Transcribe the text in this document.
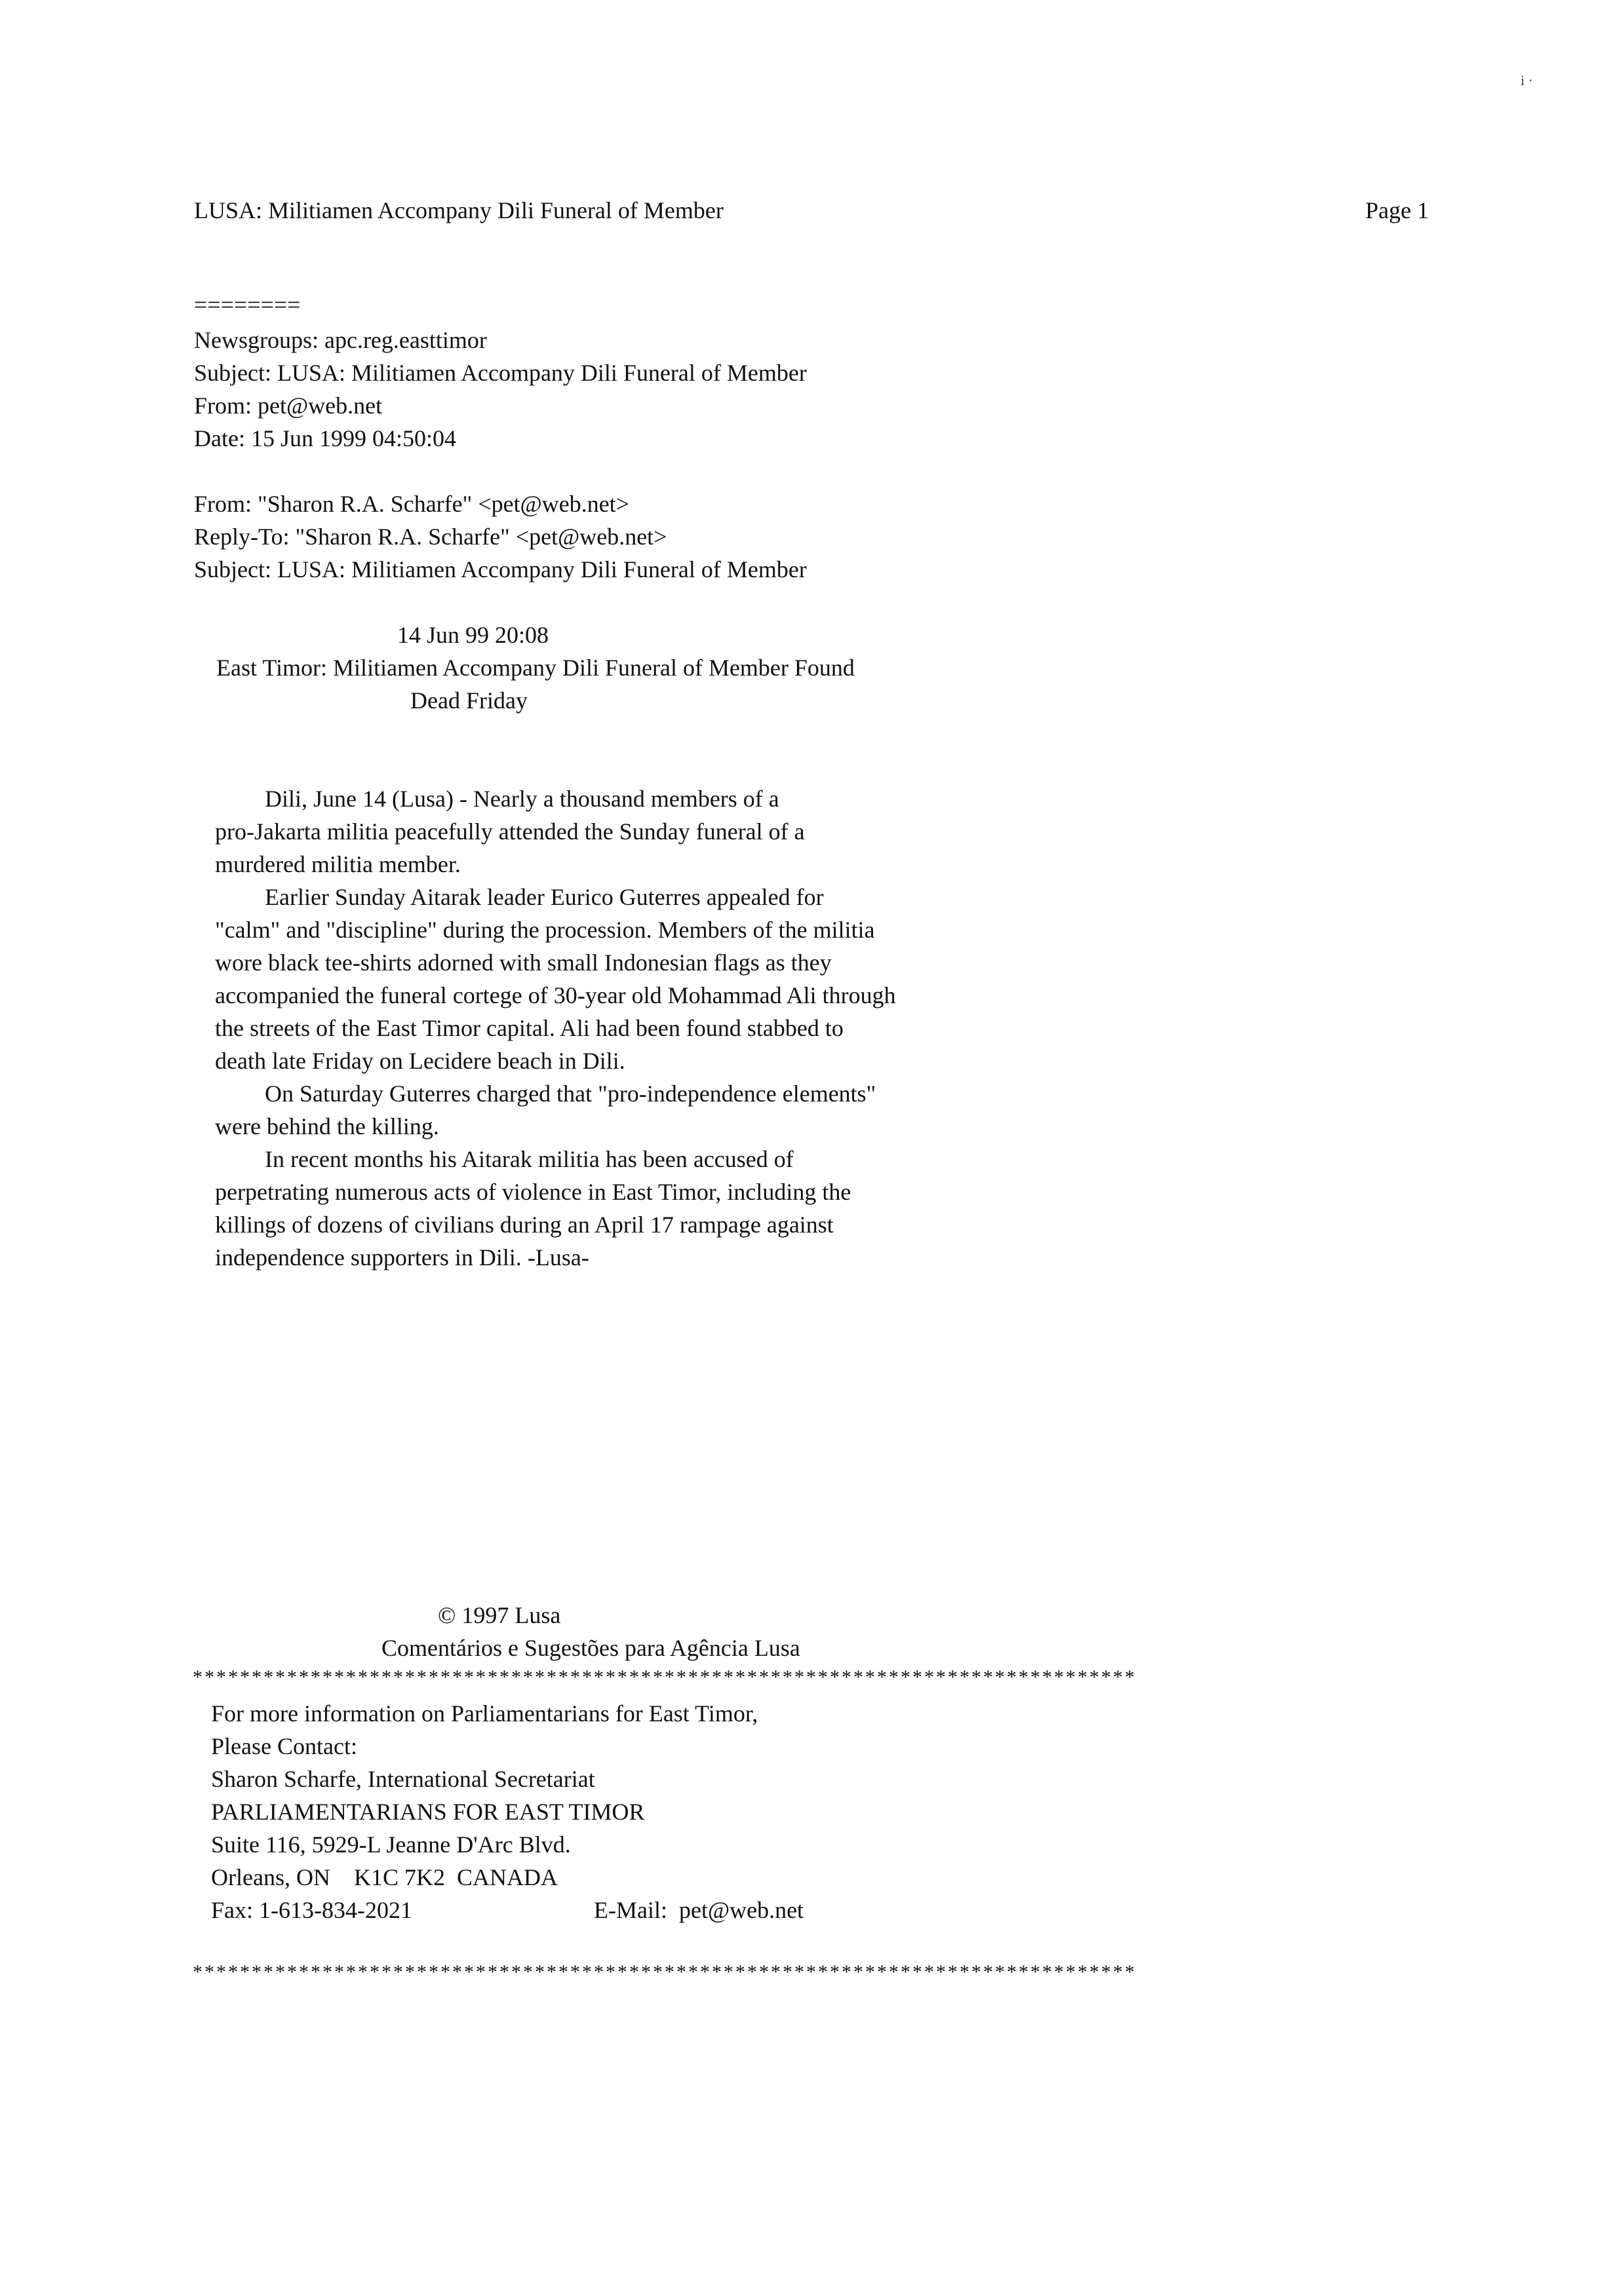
i ·
LUSA: Militiamen Accompany Dili Funeral of Member	Page 1
========
Newsgroups: apc.reg.easttimor
Subject: LUSA: Militiamen Accompany Dili Funeral of Member
From: pet@web.net
Date: 15 Jun 1999 04:50:04
From: "Sharon R.A. Scharfe" <pet@web.net>
Reply-To: "Sharon R.A. Scharfe" <pet@web.net>
Subject: LUSA: Militiamen Accompany Dili Funeral of Member
14 Jun 99 20:08
East Timor: Militiamen Accompany Dili Funeral of Member Found
Dead Friday
Dili, June 14 (Lusa) - Nearly a thousand members of a
pro-Jakarta militia peacefully attended the Sunday funeral of a
murdered militia member.
Earlier Sunday Aitarak leader Eurico Guterres appealed for
"calm" and "discipline" during the procession. Members of the militia
wore black tee-shirts adorned with small Indonesian flags as they
accompanied the funeral cortege of 30-year old Mohammad Ali through
the streets of the East Timor capital. Ali had been found stabbed to
death late Friday on Lecidere beach in Dili.
On Saturday Guterres charged that "pro-independence elements"
were behind the killing.
In recent months his Aitarak militia has been accused of
perpetrating numerous acts of violence in East Timor, including the
killings of dozens of civilians during an April 17 rampage against
independence supporters in Dili. -Lusa-
© 1997 Lusa
Comentários e Sugestões para Agência Lusa
********************************************************************************
For more information on Parliamentarians for East Timor,
Please Contact:
Sharon Scharfe, International Secretariat
PARLIAMENTARIANS FOR EAST TIMOR
Suite 116, 5929-L Jeanne D'Arc Blvd.
Orleans, ON    K1C 7K2  CANADA
Fax: 1-613-834-2021	E-Mail:  pet@web.net
********************************************************************************
